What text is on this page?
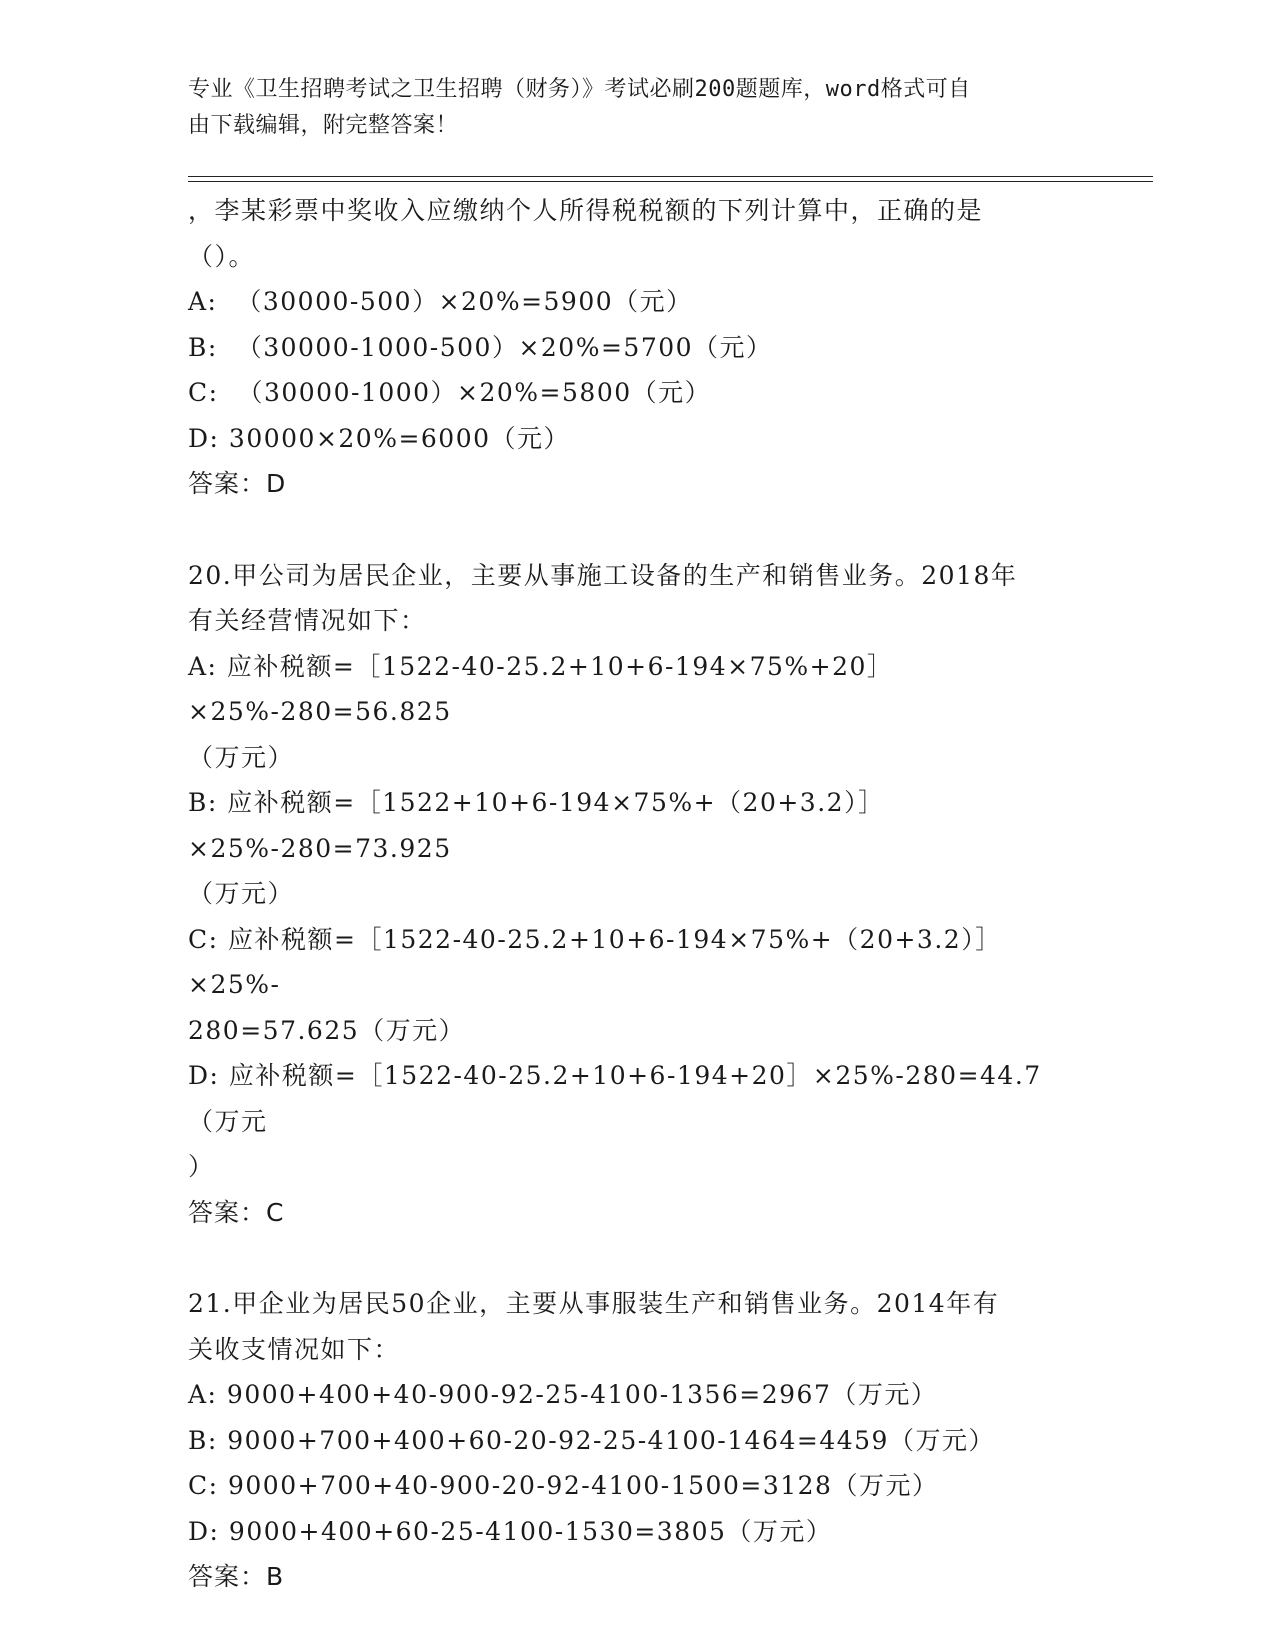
专业《卫生招聘考试之卫生招聘（财务）》考试必刷200题题库，word格式可自
由下载编辑，附完整答案！
，李某彩票中奖收入应缴纳个人所得税税额的下列计算中，正确的是
（）。
A:  （30000-500）×20%=5900（元）
B:  （30000-1000-500）×20%=5700（元）
C:  （30000-1000）×20%=5800（元）
D: 30000×20%=6000（元）
答案：D
20.甲公司为居民企业，主要从事施工设备的生产和销售业务。2018年
有关经营情况如下：
A: 应补税额=［1522-40-25.2+10+6-194×75%+20］×25%-280=56.825
（万元）
B: 应补税额=［1522+10+6-194×75%+（20+3.2）］×25%-280=73.925
（万元）
C: 应补税额=［1522-40-25.2+10+6-194×75%+（20+3.2）］×25%-
280=57.625（万元）
D: 应补税额=［1522-40-25.2+10+6-194+20］×25%-280=44.7（万元
）
答案：C
21.甲企业为居民50企业，主要从事服装生产和销售业务。2014年有
关收支情况如下：
A: 9000+400+40-900-92-25-4100-1356=2967（万元）
B: 9000+700+400+60-20-92-25-4100-1464=4459（万元）
C: 9000+700+40-900-20-92-4100-1500=3128（万元）
D: 9000+400+60-25-4100-1530=3805（万元）
答案：B
